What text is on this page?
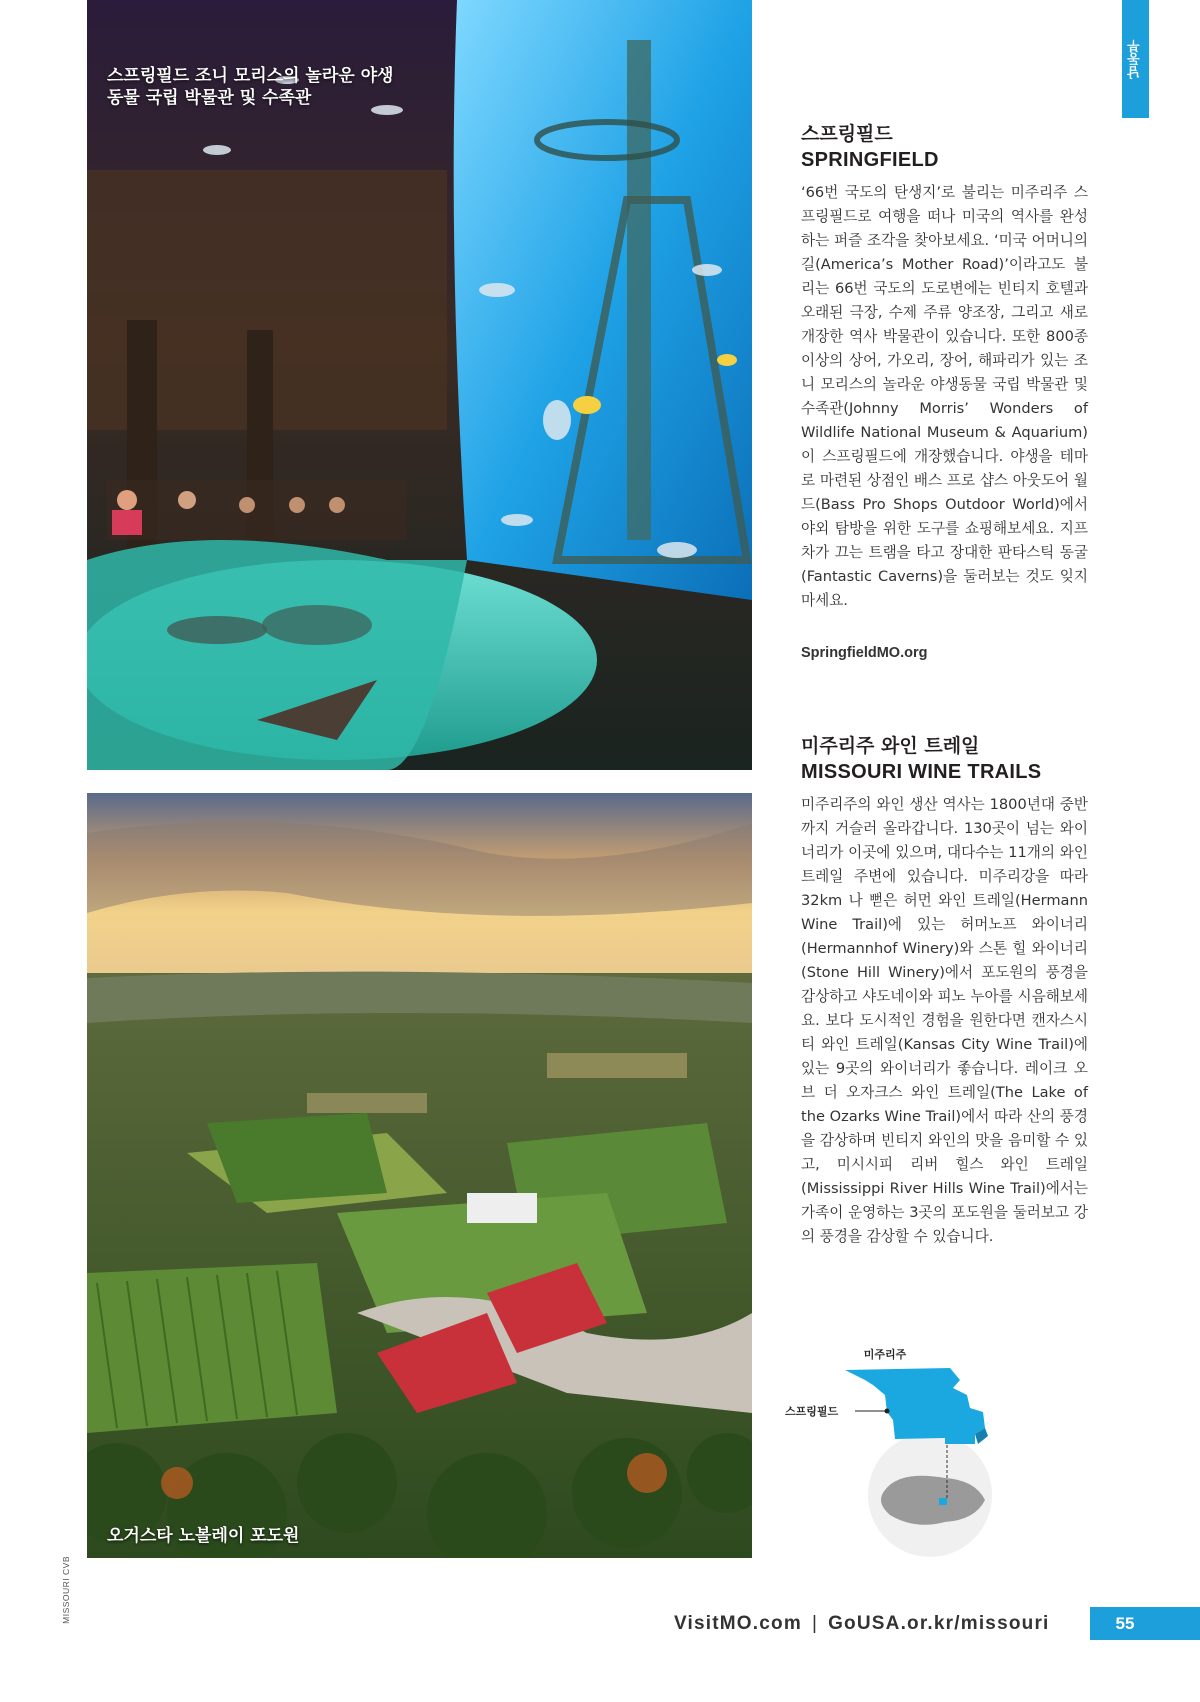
남동부
스프링필드 조니 모리스의 놀라운 야생동물 국립 박물관 및 수족관
오거스타 노볼레이 포도원
MISSOURI CVB
스프링필드
SPRINGFIELD
‘66번 국도의 탄생지’로 불리는 미주리주 스프링필드로 여행을 떠나 미국의 역사를 완성하는 퍼즐 조각을 찾아보세요. ‘미국 어머니의 길(America’s Mother Road)’이라고도 불리는 66번 국도의 도로변에는 빈티지 호텔과 오래된 극장, 수제 주류 양조장, 그리고 새로 개장한 역사 박물관이 있습니다. 또한 800종 이상의 상어, 가오리, 장어, 해파리가 있는 조니 모리스의 놀라운 야생동물 국립 박물관 및 수족관(Johnny Morris’ Wonders of Wildlife National Museum & Aquarium)이 스프링필드에 개장했습니다. 야생을 테마로 마련된 상점인 배스 프로 샵스 아웃도어 월드(Bass Pro Shops Outdoor World)에서 야외 탐방을 위한 도구를 쇼핑해보세요. 지프차가 끄는 트램을 타고 장대한 판타스틱 동굴(Fantastic Caverns)을 둘러보는 것도 잊지 마세요.
SpringfieldMO.org
미주리주 와인 트레일
MISSOURI WINE TRAILS
미주리주의 와인 생산 역사는 1800년대 중반까지 거슬러 올라갑니다. 130곳이 넘는 와이너리가 이곳에 있으며, 대다수는 11개의 와인 트레일 주변에 있습니다. 미주리강을 따라 32km 나 뻗은 허먼 와인 트레일(Hermann Wine Trail)에 있는 허머노프 와이너리(Hermannhof Winery)와 스톤 힐 와이너리(Stone Hill Winery)에서 포도원의 풍경을 감상하고 샤도네이와 피노 누아를 시음해보세요. 보다 도시적인 경험을 원한다면 캔자스시티 와인 트레일(Kansas City Wine Trail)에 있는 9곳의 와이너리가 좋습니다. 레이크 오브 더 오자크스 와인 트레일(The Lake of the Ozarks Wine Trail)에서 따라 산의 풍경을 감상하며 빈티지 와인의 맛을 음미할 수 있고, 미시시피 리버 힐스 와인 트레일(Mississippi River Hills Wine Trail)에서는 가족이 운영하는 3곳의 포도원을 둘러보고 강의 풍경을 감상할 수 있습니다.
미주리주
스프링필드
VisitMO.com | GoUSA.or.kr/missouri	55
